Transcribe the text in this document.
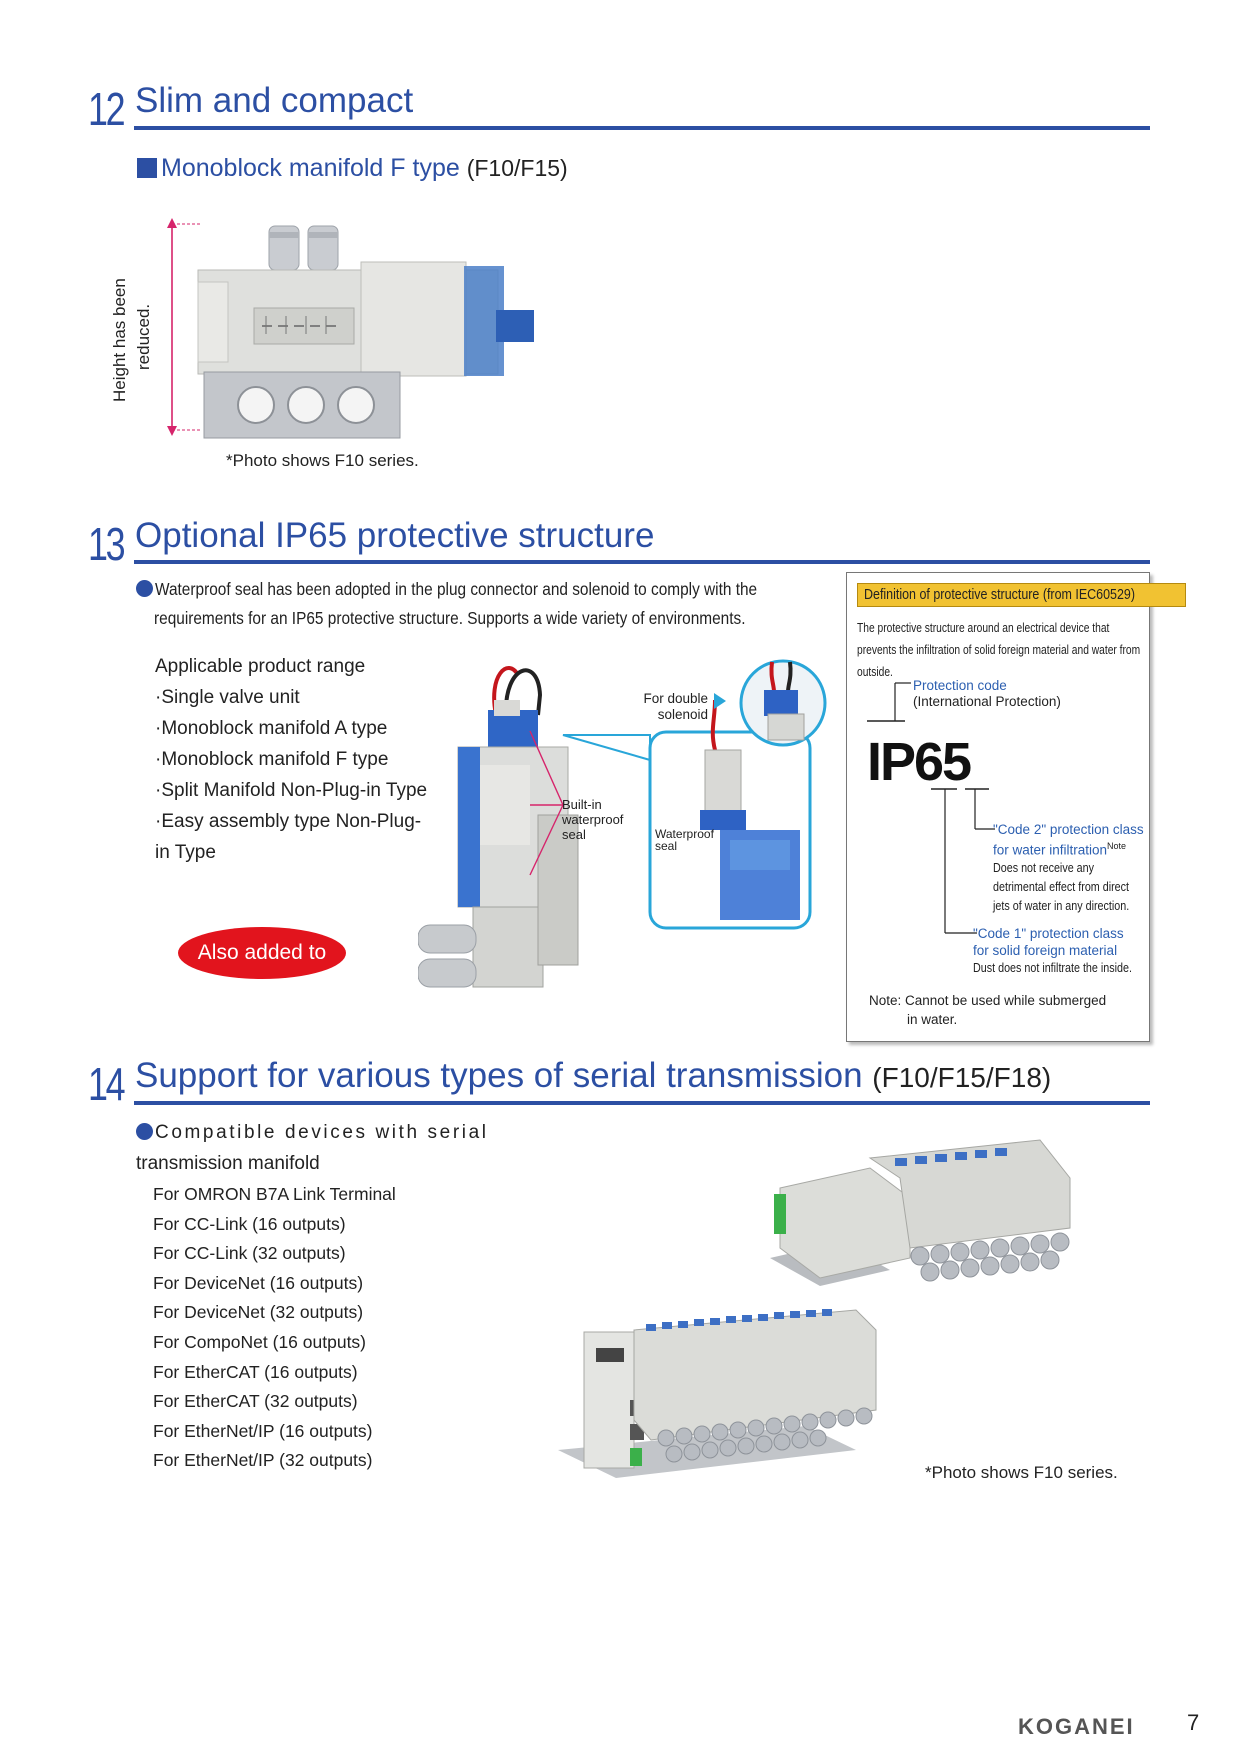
12 Slim and compact
Monoblock manifold F type (F10/F15)
Height has been reduced.
*Photo shows F10 series.
13 Optional IP65 protective structure
Waterproof seal has been adopted in the plug connector and solenoid to comply with the
requirements for an IP65 protective structure. Supports a wide variety of environments.
Applicable product range
·Single valve unit
·Monoblock manifold A type
·Monoblock manifold F type
·Split Manifold Non-Plug-in Type
·Easy assembly type Non-Plug-
in Type
Also added to F18
Built-in
waterproof
seal	Waterproof
seal
For double
solenoid
Definition of protective structure (from IEC60529)
The protective structure around an electrical device that prevents the infiltration of solid foreign material and water from outside.
Protection code
(International Protection)
IP65
"Code 2" protection class
for water infiltration$^{Note}$
Does not receive any
detrimental effect from direct
jets of water in any direction.
"Code 1" protection class
for solid foreign material
Dust does not infiltrate the inside.
Note: Cannot be used while submerged
in water.
14 Support for various types of serial transmission (F10/F15/F18)
Compatible devices with serial
transmission manifold
For OMRON B7A Link Terminal
For CC-Link (16 outputs)
For CC-Link (32 outputs)
For DeviceNet (16 outputs)
For DeviceNet (32 outputs)
For CompoNet (16 outputs)
For EtherCAT (16 outputs)
For EtherCAT (32 outputs)
For EtherNet/IP (16 outputs)
For EtherNet/IP (32 outputs)
*Photo shows F10 series.
KOGANEI 7
